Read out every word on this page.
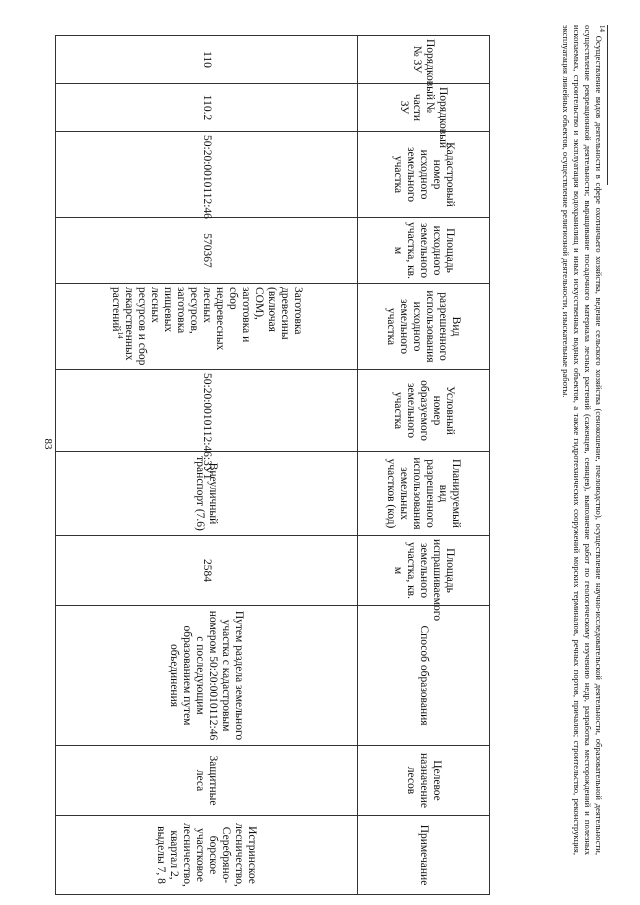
83
Порядковый № ЗУ	Порядковый № части ЗУ	Кадастровый номер исходного земельного участка	Площадь исходного земельного участка, кв. м	Вид разрешенного использования исходного земельного участка	Условный номер образуемого земельного участка	Планируемый вид разрешенного использования земельных участков (код)	Площадь испрашиваемого земельного участка, кв. м	Способ образования	Целевое назначение лесов	Примечание
110	110.2	50:20:0010112:46	570367	Заготовка древесины (включая СОМ), заготовка и сбор недревесных лесных ресурсов, заготовка пищевых лесных ресурсов и сбор лекарственных растений$^{14}$	50:20:0010112:46:ЗУ1	Внеуличный транспорт (7.6)	2584	Путем раздела земельного участка с кадастровым номером 50:20:0010112:46 с последующим образованием путем объединения	Защитные леса	Истринское лесничество, Серебряно-борское участковое лесничество, квартал 2, выделы 7, 8
$^{14}$ Осуществление видов деятельности в сфере охотничьего хозяйства, ведение сельского хозяйства (сенокошение, пчеловодство), осуществление научно-исследовательской деятельности, образовательной деятельности, осуществление рекреационной деятельности; выращивание посадочного материала лесных растений (саженцев, сеянцев), выполнение работ по геологическому изучению недр, разработка месторождений и полезных ископаемых, строительство и эксплуатация водохранилищ и иных искусственных водных объектов, а также гидротехнических сооружений морских терминалов, речных портов, причалов; строительство, реконструкция, эксплуатация линейных объектов, осуществление религиозной деятельности, изыскательные работы.
